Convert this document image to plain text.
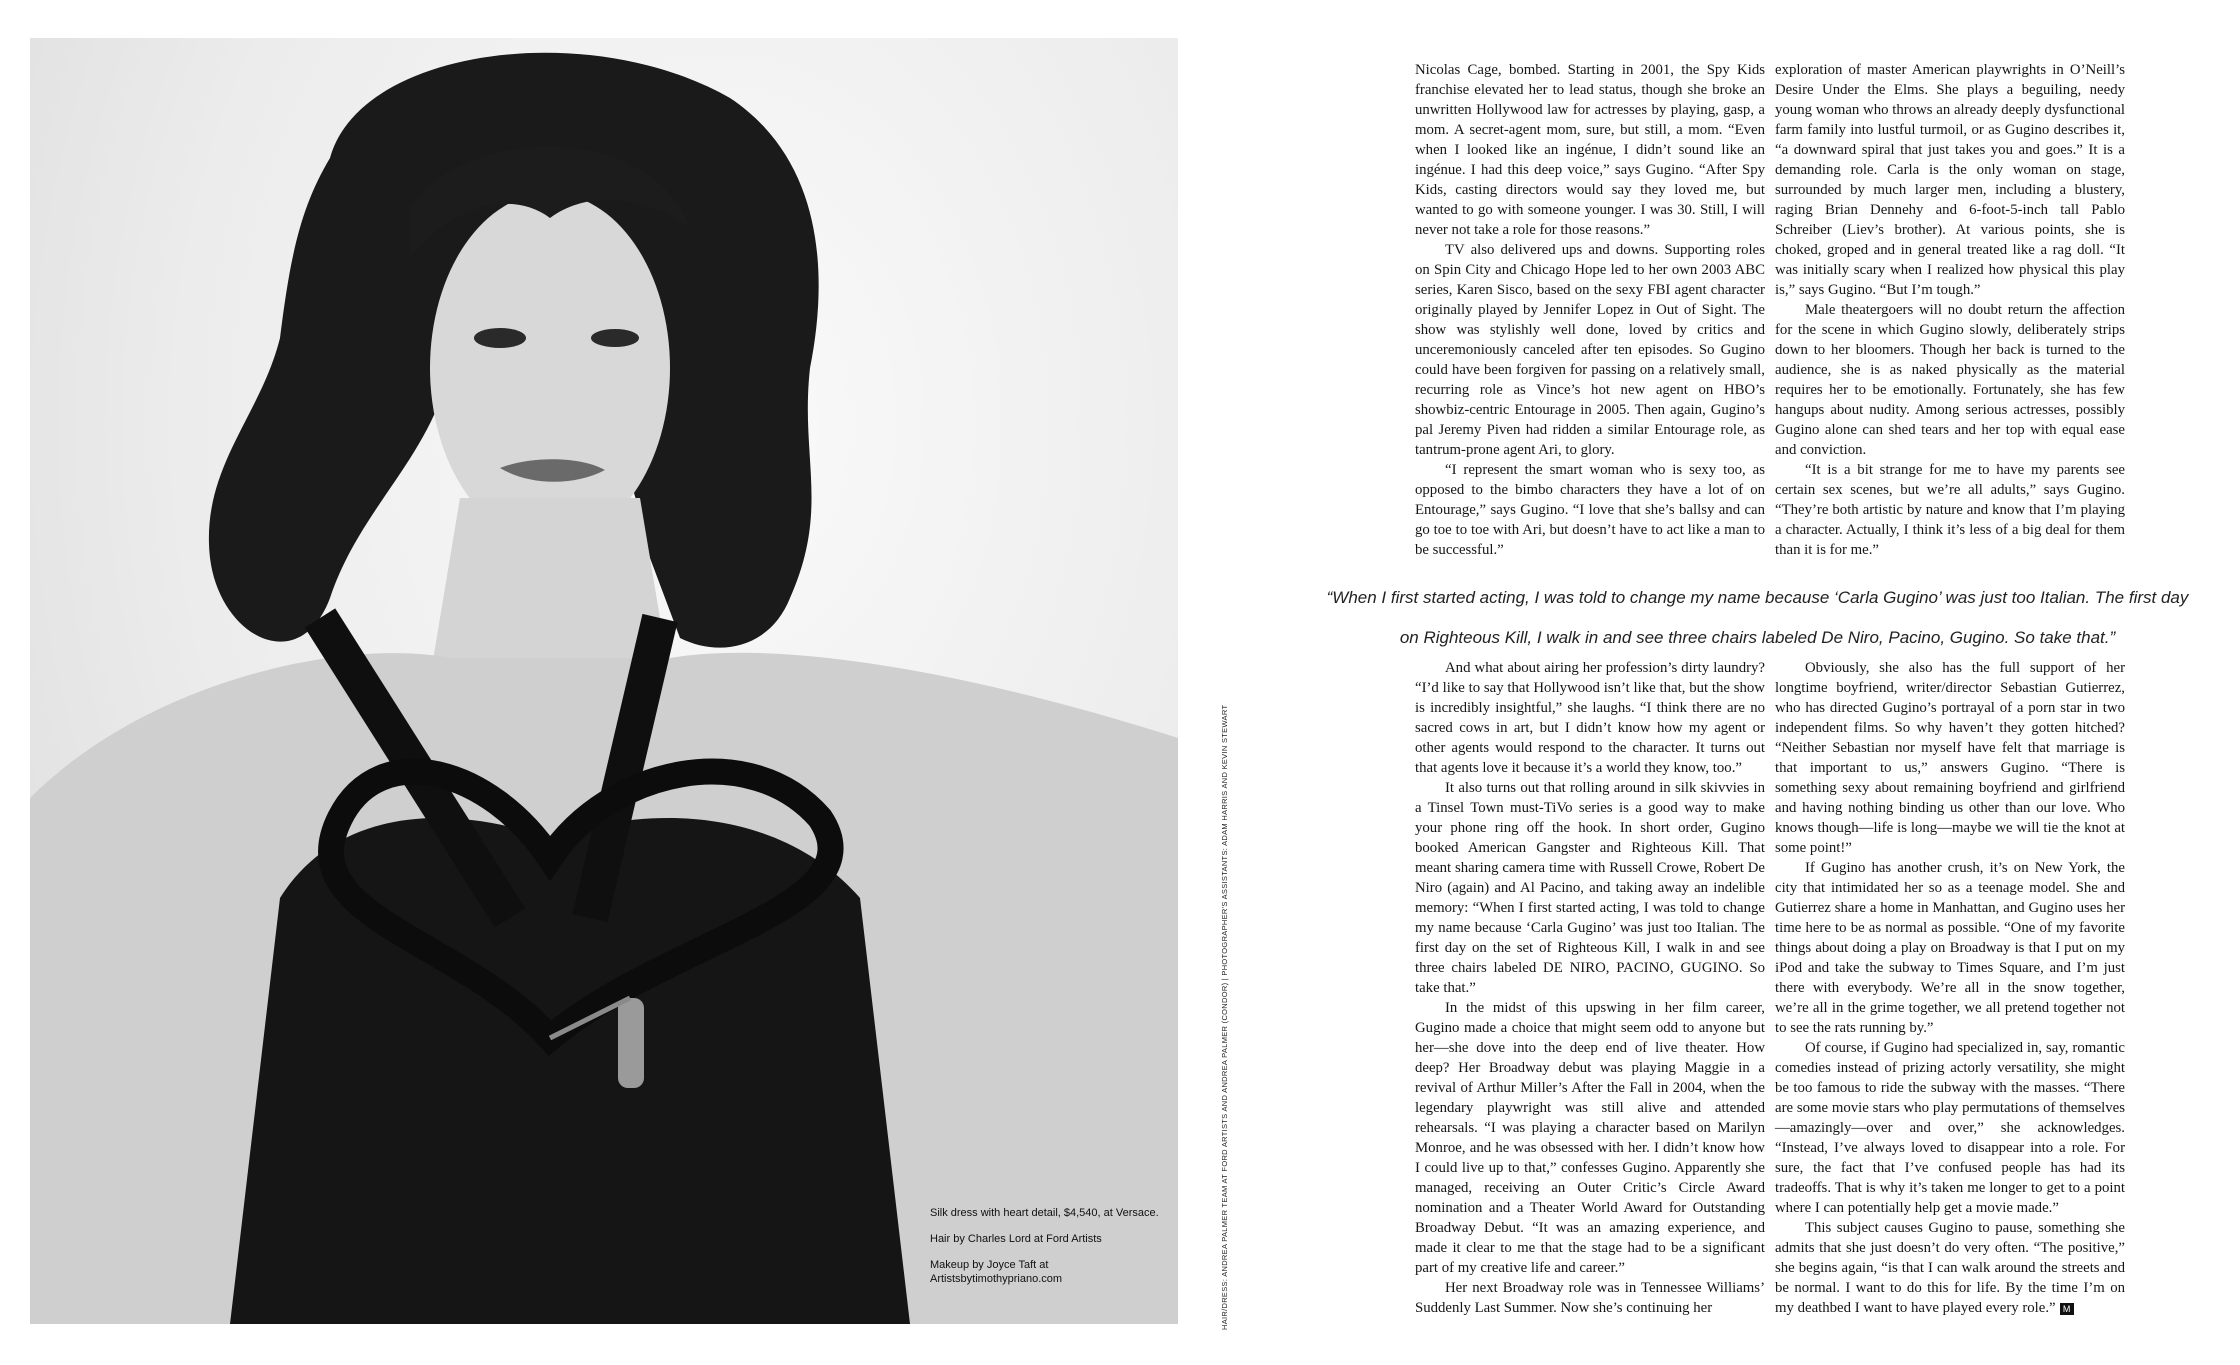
Silk dress with heart detail, $4,540, at Versace.

Hair by Charles Lord at Ford Artists

Makeup by Joyce Taft at Artistsbytimothypriano.com	HAIR/DRESS: ANDREA PALMER TEAM AT FORD ARTISTS AND ANDREA PALMER (CONDOR) | PHOTOGRAPHER'S ASSISTANTS: ADAM HARRIS AND KEVIN STEWART

Nicolas Cage, bombed. Starting in 2001, the Spy Kids franchise elevated her to lead status, though she broke an unwritten Hollywood law for actresses by playing, gasp, a mom. A secret-agent mom, sure, but still, a mom. “Even when I looked like an ingénue, I didn’t sound like an ingénue. I had this deep voice,” says Gugino. “After Spy Kids, casting directors would say they loved me, but wanted to go with someone younger. I was 30. Still, I will never not take a role for those reasons.”

TV also delivered ups and downs. Supporting roles on Spin City and Chicago Hope led to her own 2003 ABC series, Karen Sisco, based on the sexy FBI agent character originally played by Jennifer Lopez in Out of Sight. The show was stylishly well done, loved by critics and unceremoniously canceled after ten episodes. So Gugino could have been forgiven for passing on a relatively small, recurring role as Vince’s hot new agent on HBO’s showbiz-centric Entourage in 2005. Then again, Gugino’s pal Jeremy Piven had ridden a similar Entourage role, as tantrum-prone agent Ari, to glory.

“I represent the smart woman who is sexy too, as opposed to the bimbo characters they have a lot of on Entourage,” says Gugino. “I love that she’s ballsy and can go toe to toe with Ari, but doesn’t have to act like a man to be successful.”

exploration of master American playwrights in O’Neill’s Desire Under the Elms. She plays a beguiling, needy young woman who throws an already deeply dysfunctional farm family into lustful turmoil, or as Gugino describes it, “a downward spiral that just takes you and goes.” It is a demanding role. Carla is the only woman on stage, surrounded by much larger men, including a blustery, raging Brian Dennehy and 6-foot-5-inch tall Pablo Schreiber (Liev’s brother). At various points, she is choked, groped and in general treated like a rag doll. “It was initially scary when I realized how physical this play is,” says Gugino. “But I’m tough.”

Male theatergoers will no doubt return the affection for the scene in which Gugino slowly, deliberately strips down to her bloomers. Though her back is turned to the audience, she is as naked physically as the material requires her to be emotionally. Fortunately, she has few hangups about nudity. Among serious actresses, possibly Gugino alone can shed tears and her top with equal ease and conviction.

“It is a bit strange for me to have my parents see certain sex scenes, but we’re all adults,” says Gugino. “They’re both artistic by nature and know that I’m playing a character. Actually, I think it’s less of a big deal for them than it is for me.”

“When I first started acting, I was told to change my name because ‘Carla Gugino’ was just too Italian. The first day
on Righteous Kill, I walk in and see three chairs labeled De Niro, Pacino, Gugino. So take that.”

And what about airing her profession’s dirty laundry? “I’d like to say that Hollywood isn’t like that, but the show is incredibly insightful,” she laughs. “I think there are no sacred cows in art, but I didn’t know how my agent or other agents would respond to the character. It turns out that agents love it because it’s a world they know, too.”

It also turns out that rolling around in silk skivvies in a Tinsel Town must-TiVo series is a good way to make your phone ring off the hook. In short order, Gugino booked American Gangster and Righteous Kill. That meant sharing camera time with Russell Crowe, Robert De Niro (again) and Al Pacino, and taking away an indelible memory: “When I first started acting, I was told to change my name because ‘Carla Gugino’ was just too Italian. The first day on the set of Righteous Kill, I walk in and see three chairs labeled DE NIRO, PACINO, GUGINO. So take that.”

In the midst of this upswing in her film career, Gugino made a choice that might seem odd to anyone but her—she dove into the deep end of live theater. How deep? Her Broadway debut was playing Maggie in a revival of Arthur Miller’s After the Fall in 2004, when the legendary playwright was still alive and attended rehearsals. “I was playing a character based on Marilyn Monroe, and he was obsessed with her. I didn’t know how I could live up to that,” confesses Gugino. Apparently she managed, receiving an Outer Critic’s Circle Award nomination and a Theater World Award for Outstanding Broadway Debut. “It was an amazing experience, and made it clear to me that the stage had to be a significant part of my creative life and career.”

Her next Broadway role was in Tennessee Williams’ Suddenly Last Summer. Now she’s continuing her

Obviously, she also has the full support of her longtime boyfriend, writer/director Sebastian Gutierrez, who has directed Gugino’s portrayal of a porn star in two independent films. So why haven’t they gotten hitched? “Neither Sebastian nor myself have felt that marriage is that important to us,” answers Gugino. “There is something sexy about remaining boyfriend and girlfriend and having nothing binding us other than our love. Who knows though—life is long—maybe we will tie the knot at some point!”

If Gugino has another crush, it’s on New York, the city that intimidated her so as a teenage model. She and Gutierrez share a home in Manhattan, and Gugino uses her time here to be as normal as possible. “One of my favorite things about doing a play on Broadway is that I put on my iPod and take the subway to Times Square, and I’m just there with everybody. We’re all in the snow together, we’re all in the grime together, we all pretend together not to see the rats running by.”

Of course, if Gugino had specialized in, say, romantic comedies instead of prizing actorly versatility, she might be too famous to ride the subway with the masses. “There are some movie stars who play permutations of themselves—amazingly—over and over,” she acknowledges. “Instead, I’ve always loved to disappear into a role. For sure, the fact that I’ve confused people has had its tradeoffs. That is why it’s taken me longer to get to a point where I can potentially help get a movie made.”

This subject causes Gugino to pause, something she admits that she just doesn’t do very often. “The positive,” she begins again, “is that I can walk around the streets and be normal. I want to do this for life. By the time I’m on my deathbed I want to have played every role.” M
